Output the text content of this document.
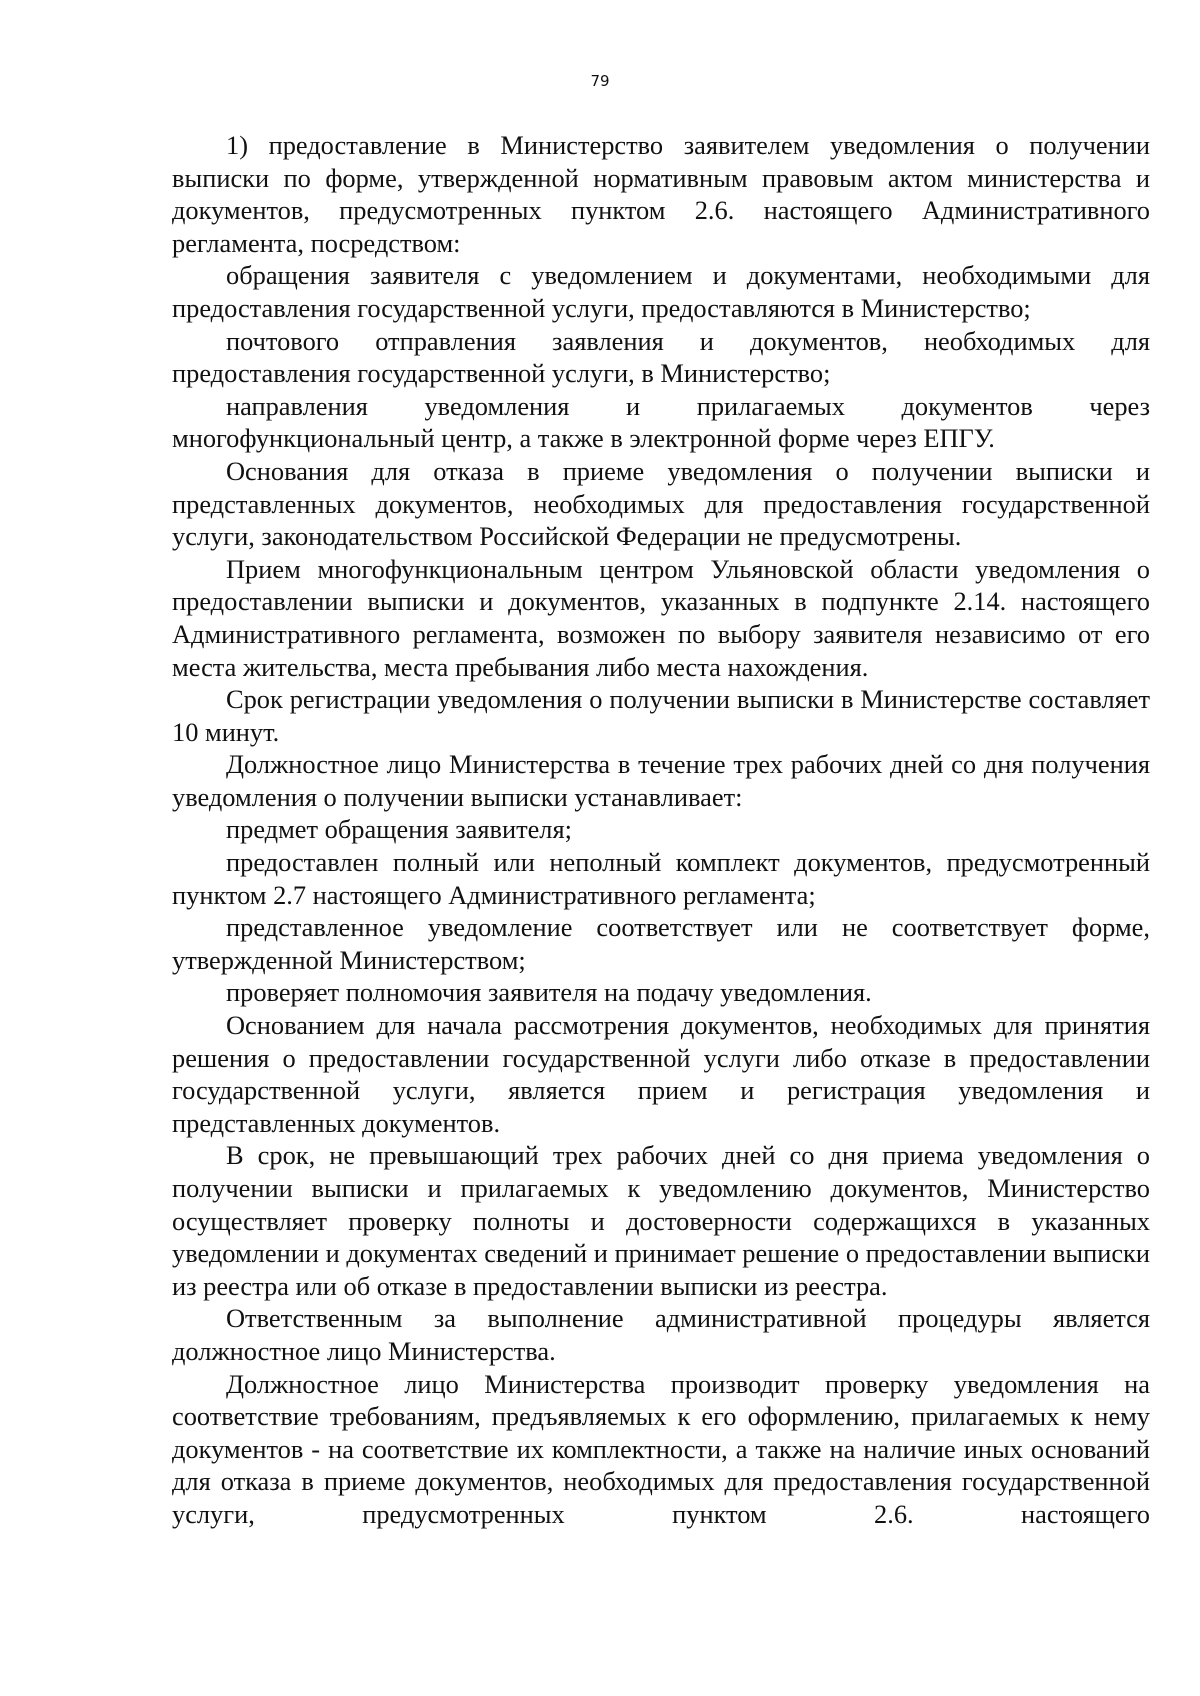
79

1) предоставление в Министерство заявителем уведомления о получении выписки по форме, утвержденной нормативным правовым актом министерства и документов, предусмотренных пунктом 2.6. настоящего Административного регламента, посредством:

обращения заявителя с уведомлением и документами, необходимыми для предоставления государственной услуги, предоставляются в Министерство;

почтового отправления заявления и документов, необходимых для предоставления государственной услуги, в Министерство;

направления уведомления и прилагаемых документов через многофункциональный центр, а также в электронной форме через ЕПГУ.

Основания для отказа в приеме уведомления о получении выписки и представленных документов, необходимых для предоставления государственной услуги, законодательством Российской Федерации не предусмотрены.

Прием многофункциональным центром Ульяновской области уведомления о предоставлении выписки и документов, указанных в подпункте 2.14. настоящего Административного регламента, возможен по выбору заявителя независимо от его места жительства, места пребывания либо места нахождения.

Срок регистрации уведомления о получении выписки в Министерстве составляет 10 минут.

Должностное лицо Министерства в течение трех рабочих дней со дня получения уведомления о получении выписки устанавливает:

предмет обращения заявителя;

предоставлен полный или неполный комплект документов, предусмотренный пунктом 2.7 настоящего Административного регламента;

представленное уведомление соответствует или не соответствует форме, утвержденной Министерством;

проверяет полномочия заявителя на подачу уведомления.

Основанием для начала рассмотрения документов, необходимых для принятия решения о предоставлении государственной услуги либо отказе в предоставлении государственной услуги, является прием и регистрация уведомления и представленных документов.

В срок, не превышающий трех рабочих дней со дня приема уведомления о получении выписки и прилагаемых к уведомлению документов, Министерство осуществляет проверку полноты и достоверности содержащихся в указанных уведомлении и документах сведений и принимает решение о предоставлении выписки из реестра или об отказе в предоставлении выписки из реестра.

Ответственным за выполнение административной процедуры является должностное лицо Министерства.

Должностное лицо Министерства производит проверку уведомления на соответствие требованиям, предъявляемых к его оформлению, прилагаемых к нему документов - на соответствие их комплектности, а также на наличие иных оснований для отказа в приеме документов, необходимых для предоставления государственной услуги, предусмотренных пунктом 2.6. настоящего
